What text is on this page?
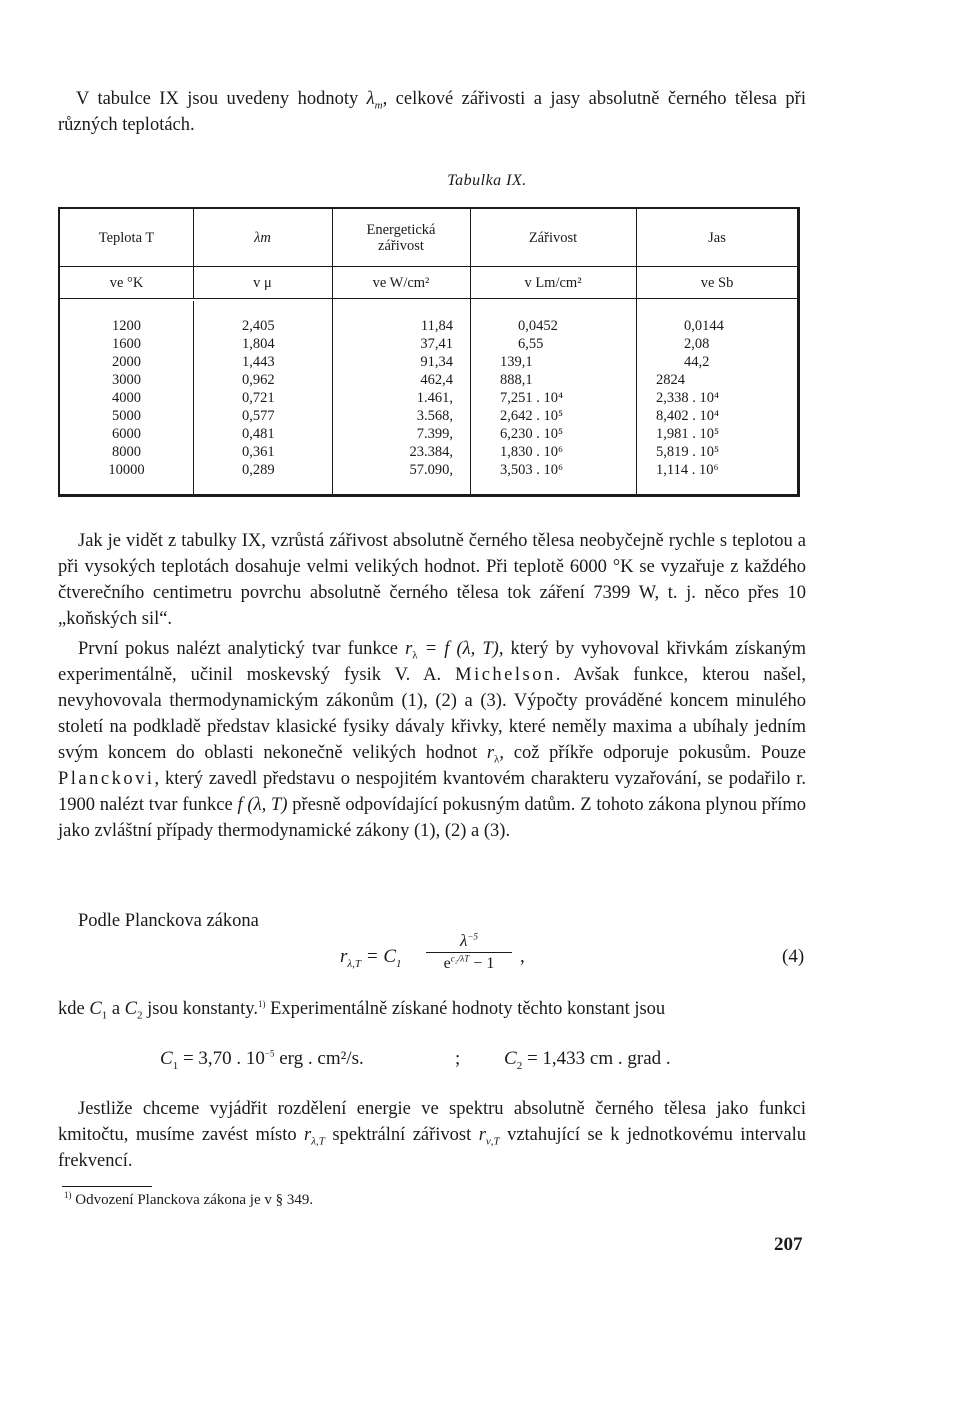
V tabulce IX jsou uvedeny hodnoty $\lambda_m$, celkové zářivosti a jasy absolutně černého tělesa při různých teplotách.

Tabulka IX.
Teplota T	λm	Energetická zářivost	Zářivost	Jas
ve °K	v μ	ve W/cm²	v Lm/cm²	ve Sb
1200	2,405	11,84	0,0452	0,0144
1600	1,804	37,41	6,55	2,08
2000	1,443	91,34	139,1	44,2
3000	0,962	462,4	888,1	2824
4000	0,721	1.461,	7,251 . 10⁴	2,338 . 10⁴
5000	0,577	3.568,	2,642 . 10⁵	8,402 . 10⁴
6000	0,481	7.399,	6,230 . 10⁵	1,981 . 10⁵
8000	0,361	23.384,	1,830 . 10⁶	5,819 . 10⁵
10000	0,289	57.090,	3,503 . 10⁶	1,114 . 10⁶

Jak je vidět z tabulky IX, vzrůstá zářivost absolutně černého tělesa neobyčejně rychle s teplotou a při vysokých teplotách dosahuje velmi velikých hodnot. Při teplotě 6000 °K se vyzařuje z každého čtverečního centimetru povrchu absolutně černého tělesa tok záření 7399 W, t. j. něco přes 10 „koňských sil“.

První pokus nalézt analytický tvar funkce $r_\lambda = f$ (λ, T), který by vyhovoval křivkám získaným experimentálně, učinil moskevský fysik V. A. Michelson. Avšak funkce, kterou našel, nevyhovovala thermodynamickým zákonům (1), (2) a (3). Výpočty prováděné koncem minulého století na podkladě představ klasické fysiky dávaly křivky, které neměly maxima a ubíhaly jedním svým koncem do oblasti nekonečně velikých hodnot $r_\lambda$, což příkře odporuje pokusům. Pouze Planckovi, který zavedl představu o nespojitém kvantovém charakteru vyzařování, se podařilo r. 1900 nalézt tvar funkce f (λ, T) přesně odpovídající pokusným datům. Z tohoto zákona plynou přímo jako zvláštní případy thermodynamické zákony (1), (2) a (3).

Podle Planckova zákona

$r_{\lambda,T} = C_1 \frac{\lambda^{-5}}{e^{c_2/\lambda T} - 1}$ ,	(4)

kde $C_1$ a $C_2$ jsou konstanty.$^{1)}$ Experimentálně získané hodnoty těchto konstant jsou

$C_1 = 3,70$ . $10^{-5}$ erg . cm²/s.	; $C_2 = 1,433$ cm . grad .

Jestliže chceme vyjádřit rozdělení energie ve spektru absolutně černého tělesa jako funkci kmitočtu, musíme zavést místo $r_{\lambda,T}$ spektrální zářivost $r_{\nu,T}$ vztahující se k jednotkovému intervalu frekvencí.

$^{1)}$ Odvození Planckova zákona je v § 349.
207
